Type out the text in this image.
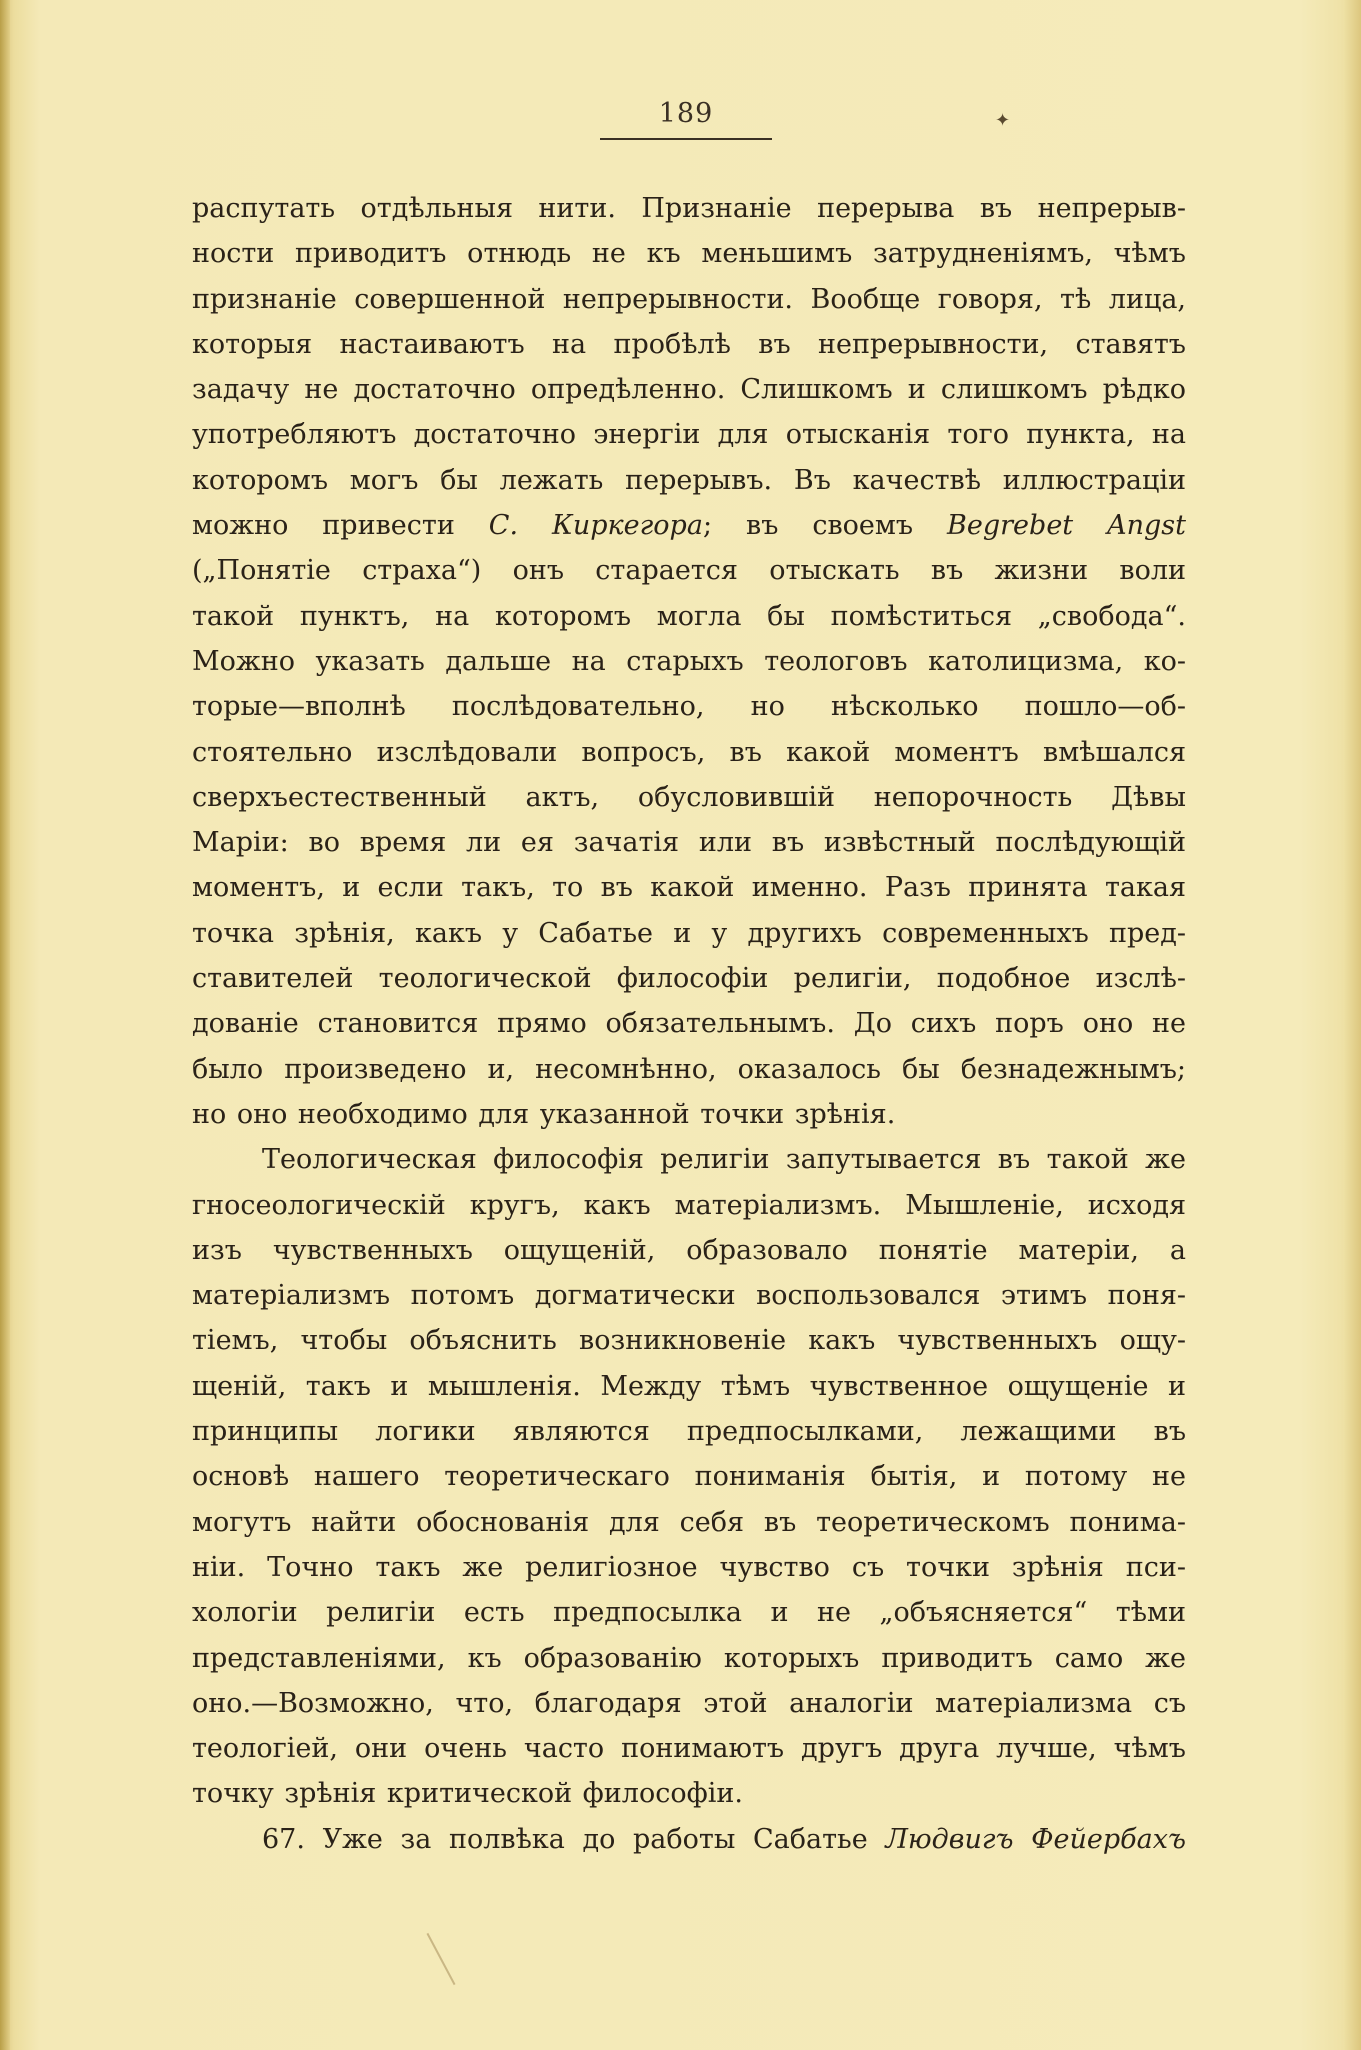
189	✦
распутать отдѣльныя нити. Признаніе перерыва въ непрерыв-
ности приводитъ отнюдь не къ меньшимъ затрудненіямъ, чѣмъ
признаніе совершенной непрерывности. Вообще говоря, тѣ лица,
которыя настаиваютъ на пробѣлѣ въ непрерывности, ставятъ
задачу не достаточно опредѣленно. Слишкомъ и слишкомъ рѣдко
употребляютъ достаточно энергіи для отысканія того пункта, на
которомъ могъ бы лежать перерывъ. Въ качествѣ иллюстраціи
можно привести С. Киркегора; въ своемъ Begrebet Angst
(„Понятіе страха“) онъ старается отыскать въ жизни воли
такой пунктъ, на которомъ могла бы помѣститься „свобода“.
Можно указать дальше на старыхъ теологовъ католицизма, ко-
торые—вполнѣ послѣдовательно, но нѣсколько пошло—об-
стоятельно изслѣдовали вопросъ, въ какой моментъ вмѣшался
сверхъестественный актъ, обусловившій непорочность Дѣвы
Маріи: во время ли ея зачатія или въ извѣстный послѣдующій
моментъ, и если такъ, то въ какой именно. Разъ принята такая
точка зрѣнія, какъ у Сабатье и у другихъ современныхъ пред-
ставителей теологической философіи религіи, подобное изслѣ-
дованіе становится прямо обязательнымъ. До сихъ поръ оно не
было произведено и, несомнѣнно, оказалось бы безнадежнымъ;
но оно необходимо для указанной точки зрѣнія.
Теологическая философія религіи запутывается въ такой же
гносеологическій кругъ, какъ матеріализмъ. Мышленіе, исходя
изъ чувственныхъ ощущеній, образовало понятіе матеріи, а
матеріализмъ потомъ догматически воспользовался этимъ поня-
тіемъ, чтобы объяснить возникновеніе какъ чувственныхъ ощу-
щеній, такъ и мышленія. Между тѣмъ чувственное ощущеніе и
принципы логики являются предпосылками, лежащими въ
основѣ нашего теоретическаго пониманія бытія, и потому не
могутъ найти обоснованія для себя въ теоретическомъ понима-
ніи. Точно такъ же религіозное чувство съ точки зрѣнія пси-
хологіи религіи есть предпосылка и не „объясняется“ тѣми
представленіями, къ образованію которыхъ приводитъ само же
оно.—Возможно, что, благодаря этой аналогіи матеріализма съ
теологіей, они очень часто понимаютъ другъ друга лучше, чѣмъ
точку зрѣнія критической философіи.
67. Уже за полвѣка до работы Сабатье Людвигъ Фейербахъ
